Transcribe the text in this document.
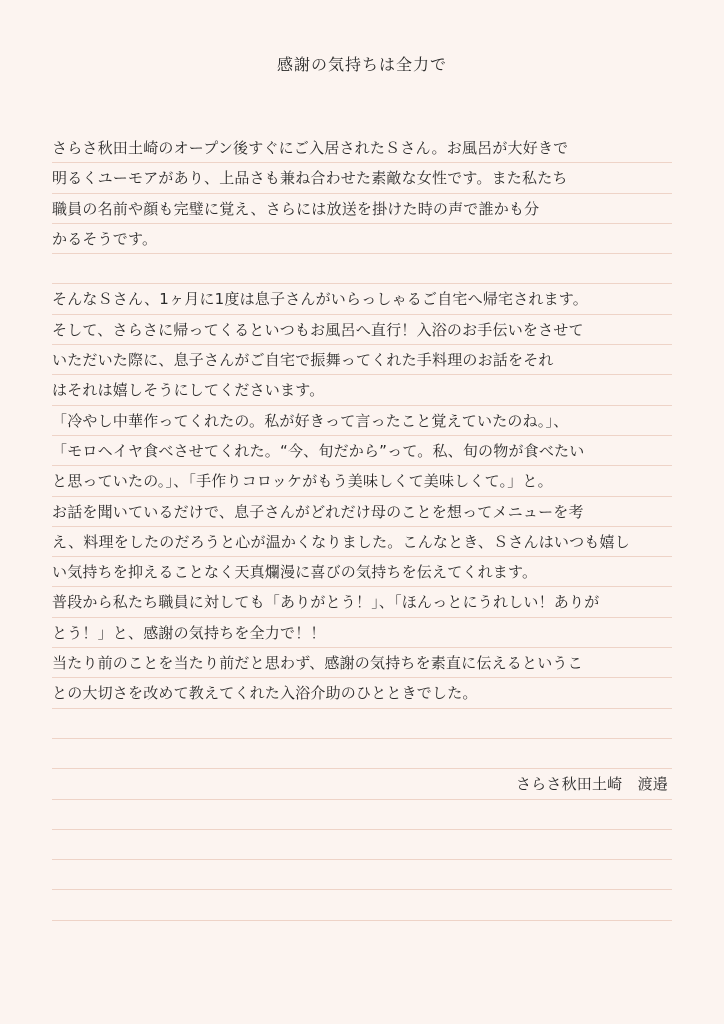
感謝の気持ちは全力で
さらさ秋田土崎のオープン後すぐにご入居されたＳさん。お風呂が大好きで
明るくユーモアがあり、上品さも兼ね合わせた素敵な女性です。また私たち
職員の名前や顔も完璧に覚え、さらには放送を掛けた時の声で誰かも分
かるそうです。
そんなＳさん、1ヶ月に1度は息子さんがいらっしゃるご自宅へ帰宅されます。
そして、さらさに帰ってくるといつもお風呂へ直行！入浴のお手伝いをさせて
いただいた際に、息子さんがご自宅で振舞ってくれた手料理のお話をそれ
はそれは嬉しそうにしてくださいます。
「冷やし中華作ってくれたの。私が好きって言ったこと覚えていたのね。」、
「モロヘイヤ食べさせてくれた。“今、旬だから”って。私、旬の物が食べたい
と思っていたの。」、「手作りコロッケがもう美味しくて美味しくて。」と。
お話を聞いているだけで、息子さんがどれだけ母のことを想ってメニューを考
え、料理をしたのだろうと心が温かくなりました。こんなとき、Ｓさんはいつも嬉し
い気持ちを抑えることなく天真爛漫に喜びの気持ちを伝えてくれます。
普段から私たち職員に対しても「ありがとう！」、「ほんっとにうれしい！ありが
とう！」と、感謝の気持ちを全力で！！
当たり前のことを当たり前だと思わず、感謝の気持ちを素直に伝えるというこ
との大切さを改めて教えてくれた入浴介助のひとときでした。
さらさ秋田土崎　渡邉
